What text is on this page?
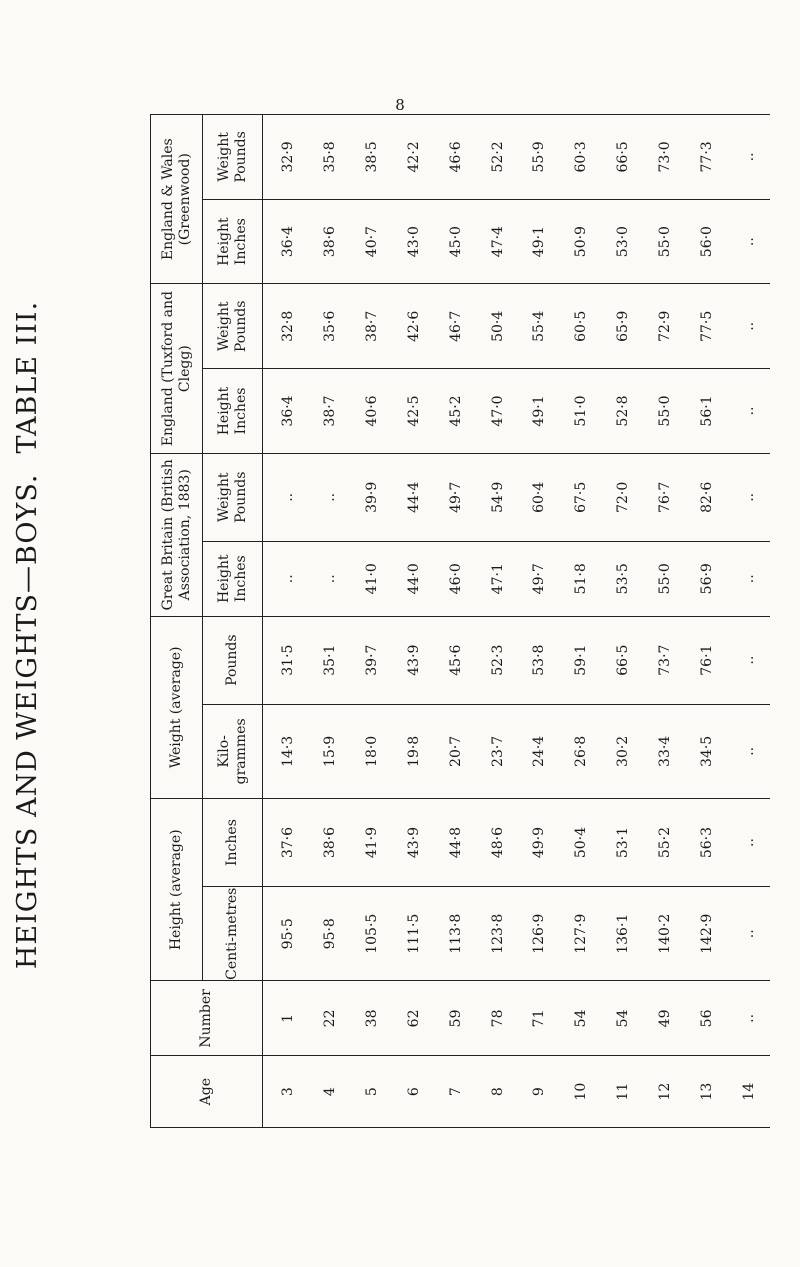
8
HEIGHTS AND WEIGHTS—BOYS.TABLE III.
Age	Number	Height (average)		Weight (average)		Great Britain (British Association, 1883)		England (Tuxford and Clegg)		England & Wales (Greenwood)	
		Centi-metres	Inches	Kilo-grammes	Pounds	Height Inches	Weight Pounds	Height Inches	Weight Pounds	Height Inches	Weight Pounds
3	1	95·5	37·6	14·3	31·5	..	..	36·4	32·8	36·4	32·9
4	22	95·8	38·6	15·9	35·1	..	..	38·7	35·6	38·6	35·8
5	38	105·5	41·9	18·0	39·7	41·0	39·9	40·6	38·7	40·7	38·5
6	62	111·5	43·9	19·8	43·9	44·0	44·4	42·5	42·6	43·0	42·2
7	59	113·8	44·8	20·7	45·6	46·0	49·7	45·2	46·7	45·0	46·6
8	78	123·8	48·6	23·7	52·3	47·1	54·9	47·0	50·4	47·4	52·2
9	71	126·9	49·9	24·4	53·8	49·7	60·4	49·1	55·4	49·1	55·9
10	54	127·9	50·4	26·8	59·1	51·8	67·5	51·0	60·5	50·9	60·3
11	54	136·1	53·1	30·2	66·5	53·5	72·0	52·8	65·9	53·0	66·5
12	49	140·2	55·2	33·4	73·7	55·0	76·7	55·0	72·9	55·0	73·0
13	56	142·9	56·3	34·5	76·1	56·9	82·6	56·1	77·5	56·0	77·3
14	..	..	..	..	..	..	..	..	..	..	..
